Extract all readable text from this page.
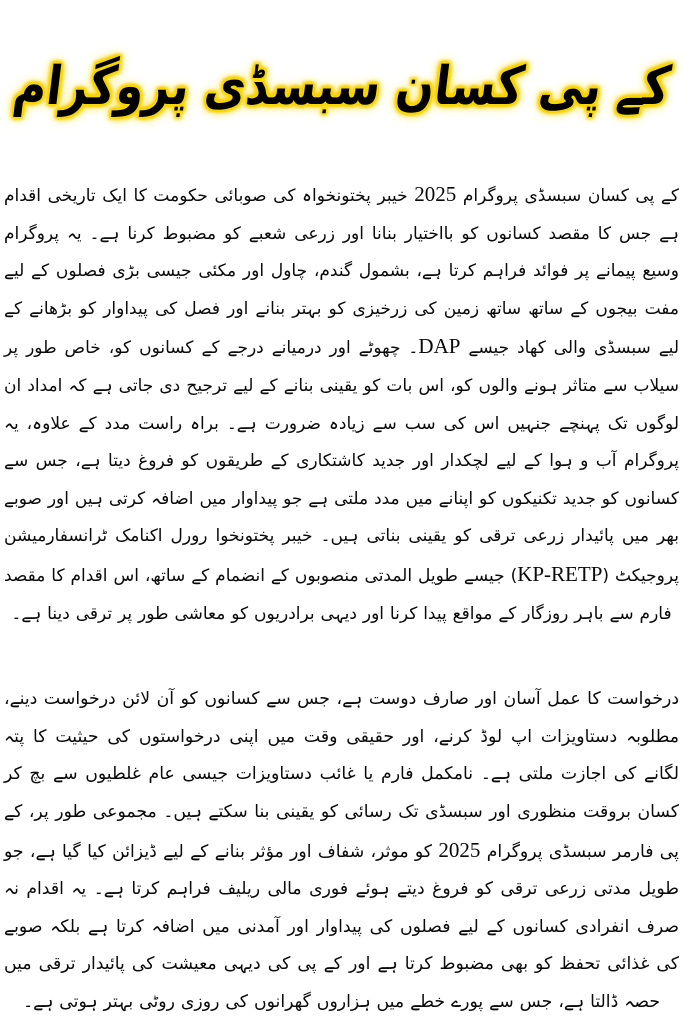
کے پی کسان سبسڈی پروگرام

کے پی کسان سبسڈی پروگرام 2025 خیبر پختونخواہ کی صوبائی حکومت کا ایک تاریخی اقدام ہے جس کا مقصد کسانوں کو بااختیار بنانا اور زرعی شعبے کو مضبوط کرنا ہے۔ یہ پروگرام وسیع پیمانے پر فوائد فراہم کرتا ہے، بشمول گندم، چاول اور مکئی جیسی بڑی فصلوں کے لیے مفت بیجوں کے ساتھ ساتھ زمین کی زرخیزی کو بہتر بنانے اور فصل کی پیداوار کو بڑھانے کے لیے سبسڈی والی کھاد جیسے DAP۔ چھوٹے اور درمیانے درجے کے کسانوں کو، خاص طور پر سیلاب سے متاثر ہونے والوں کو، اس بات کو یقینی بنانے کے لیے ترجیح دی جاتی ہے کہ امداد ان لوگوں تک پہنچے جنہیں اس کی سب سے زیادہ ضرورت ہے۔ براہ راست مدد کے علاوہ، یہ پروگرام آب و ہوا کے لیے لچکدار اور جدید کاشتکاری کے طریقوں کو فروغ دیتا ہے، جس سے کسانوں کو جدید تکنیکوں کو اپنانے میں مدد ملتی ہے جو پیداوار میں اضافہ کرتی ہیں اور صوبے بھر میں پائیدار زرعی ترقی کو یقینی بناتی ہیں۔ خیبر پختونخوا رورل اکنامک ٹرانسفارمیشن پروجیکٹ (KP-RETP) جیسے طویل المدتی منصوبوں کے انضمام کے ساتھ، اس اقدام کا مقصد فارم سے باہر روزگار کے مواقع پیدا کرنا اور دیہی برادریوں کو معاشی طور پر ترقی دینا ہے۔

درخواست کا عمل آسان اور صارف دوست ہے، جس سے کسانوں کو آن لائن درخواست دینے، مطلوبہ دستاویزات اپ لوڈ کرنے، اور حقیقی وقت میں اپنی درخواستوں کی حیثیت کا پتہ لگانے کی اجازت ملتی ہے۔ نامکمل فارم یا غائب دستاویزات جیسی عام غلطیوں سے بچ کر کسان بروقت منظوری اور سبسڈی تک رسائی کو یقینی بنا سکتے ہیں۔ مجموعی طور پر، کے پی فارمر سبسڈی پروگرام 2025 کو موثر، شفاف اور مؤثر بنانے کے لیے ڈیزائن کیا گیا ہے، جو طویل مدتی زرعی ترقی کو فروغ دیتے ہوئے فوری مالی ریلیف فراہم کرتا ہے۔ یہ اقدام نہ صرف انفرادی کسانوں کے لیے فصلوں کی پیداوار اور آمدنی میں اضافہ کرتا ہے بلکہ صوبے کی غذائی تحفظ کو بھی مضبوط کرتا ہے اور کے پی کی دیہی معیشت کی پائیدار ترقی میں حصہ ڈالتا ہے، جس سے پورے خطے میں ہزاروں گھرانوں کی روزی روٹی بہتر ہوتی ہے۔
